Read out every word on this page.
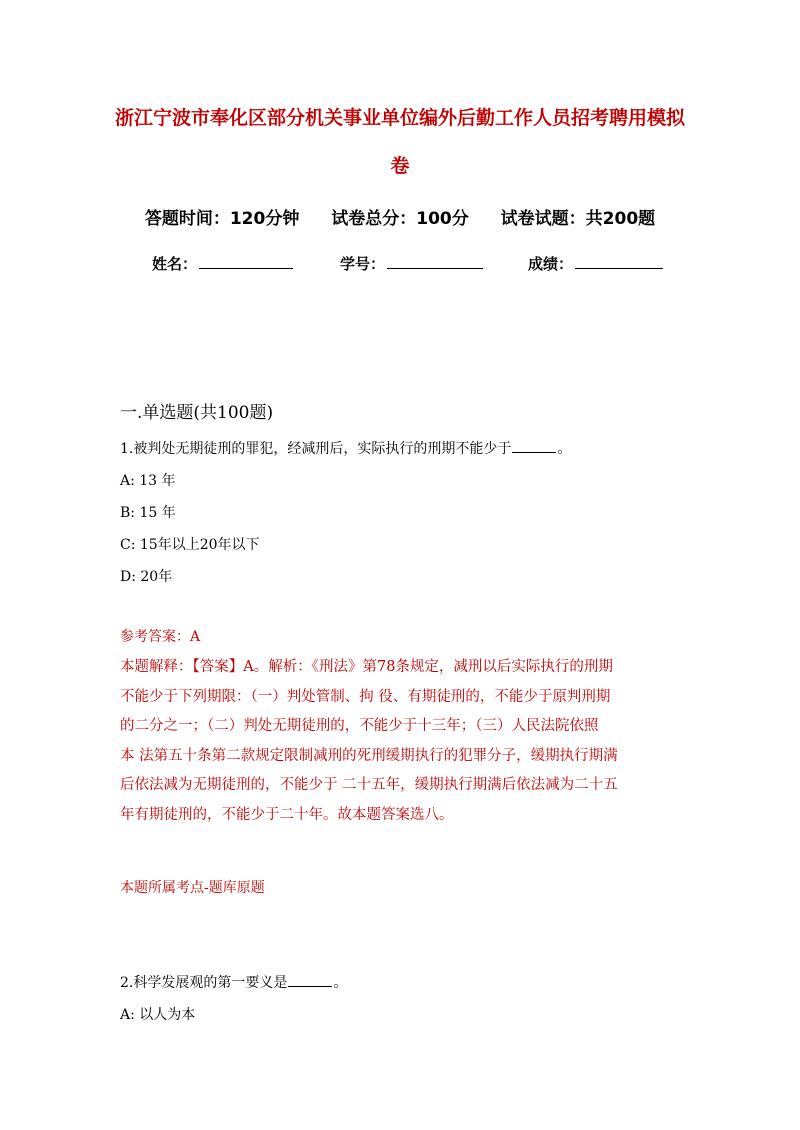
浙江宁波市奉化区部分机关事业单位编外后勤工作人员招考聘用模拟卷
答题时间：120分钟 试卷总分：100分 试卷试题：共200题
姓名：	学号：	成绩：
一.单选题(共100题)
1.被判处无期徒刑的罪犯，经减刑后，实际执行的刑期不能少于	。
A: 13 年
B: 15 年
C: 15年以上20年以下
D: 20年
参考答案：A
本题解释：【答案】A。解析：《刑法》第78条规定，减刑以后实际执行的刑期
不能少于下列期限：（一）判处管制、拘 役、有期徒刑的，不能少于原判刑期
的二分之一；（二）判处无期徒刑的，不能少于十三年；（三）人民法院依照
本 法第五十条第二款规定限制减刑的死刑缓期执行的犯罪分子，缓期执行期满
后依法减为无期徒刑的，不能少于 二十五年，缓期执行期满后依法减为二十五
年有期徒刑的，不能少于二十年。故本题答案选八。
本题所属考点-题库原题
2.科学发展观的第一要义是	。
A: 以人为本
